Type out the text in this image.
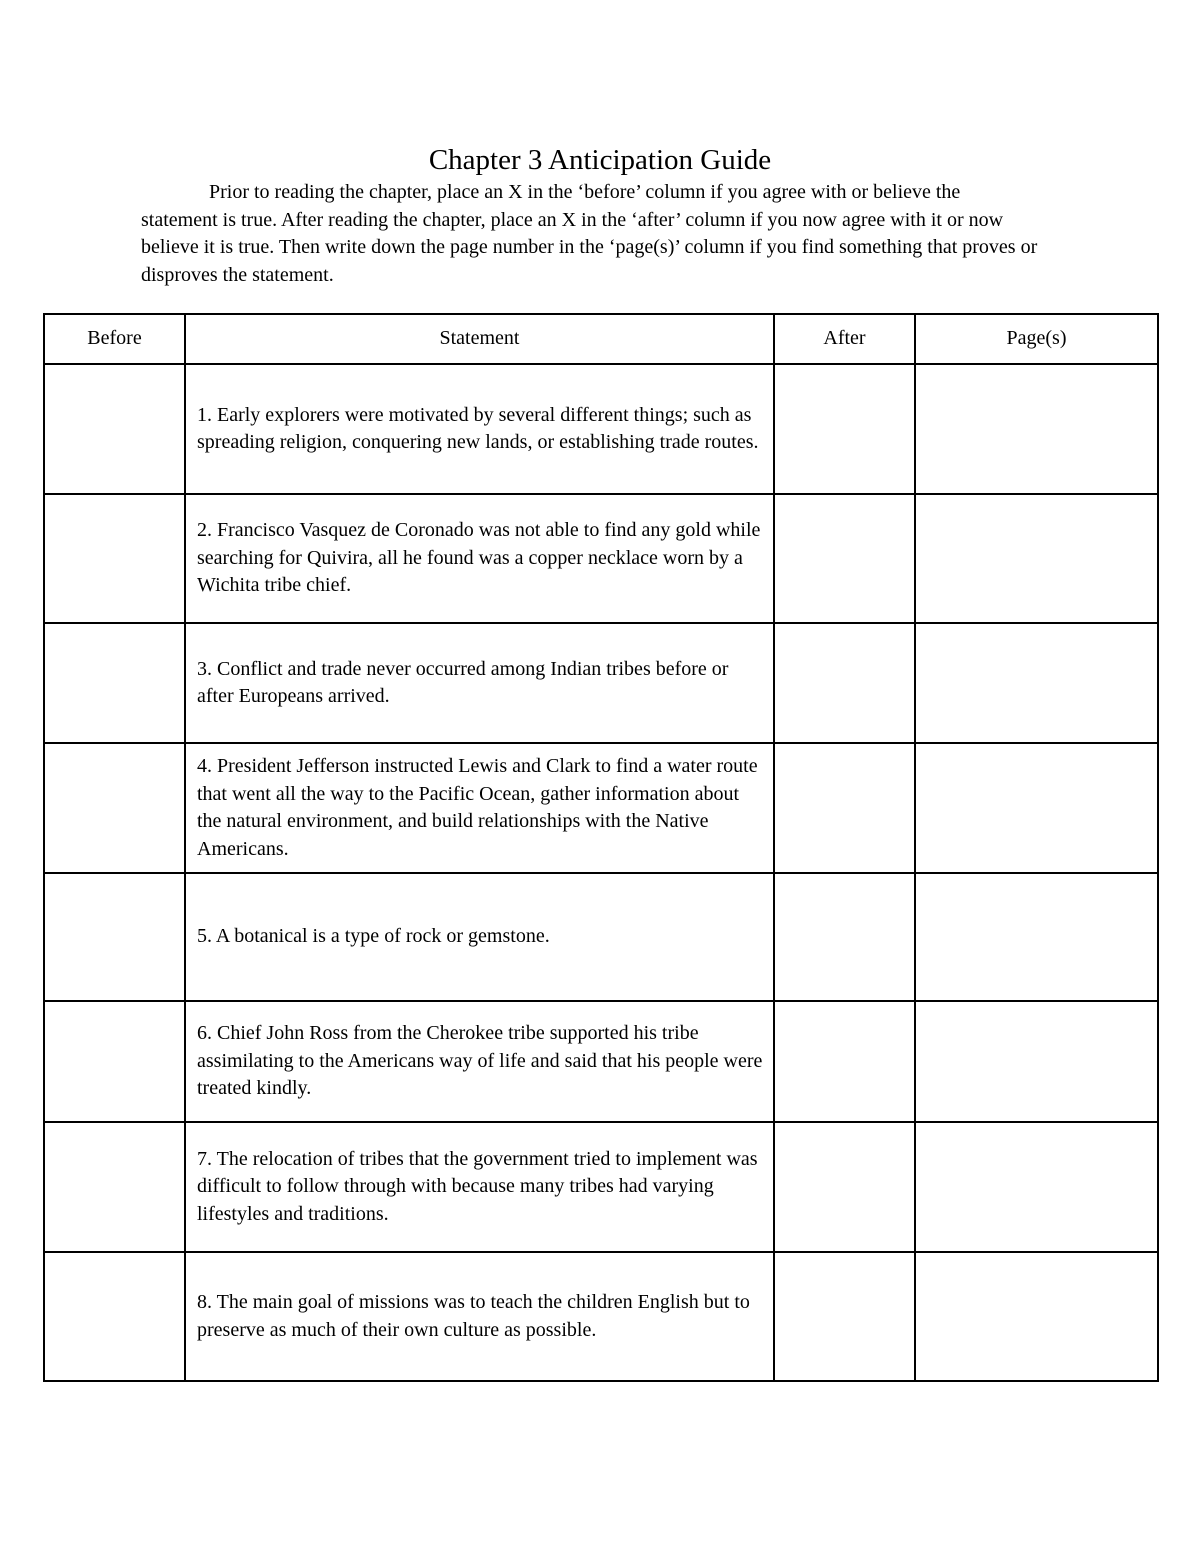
Chapter 3 Anticipation Guide

Prior to reading the chapter, place an X in the ‘before’ column if you agree with or believe the statement is true. After reading the chapter, place an X in the ‘after’ column if you now agree with it or now believe it is true. Then write down the page number in the ‘page(s)’ column if you find something that proves or disproves the statement.

Before	Statement	After	Page(s)
	1. Early explorers were motivated by several different things; such as spreading religion, conquering new lands, or establishing trade routes.		
	2. Francisco Vasquez de Coronado was not able to find any gold while searching for Quivira, all he found was a copper necklace worn by a Wichita tribe chief.		
	3. Conflict and trade never occurred among Indian tribes before or after Europeans arrived.		
	4. President Jefferson instructed Lewis and Clark to find a water route that went all the way to the Pacific Ocean, gather information about the natural environment, and build relationships with the Native Americans.		
	5. A botanical is a type of rock or gemstone.		
	6. Chief John Ross from the Cherokee tribe supported his tribe assimilating to the Americans way of life and said that his people were treated kindly.		
	7. The relocation of tribes that the government tried to implement was difficult to follow through with because many tribes had varying lifestyles and traditions.		
	8. The main goal of missions was to teach the children English but to preserve as much of their own culture as possible.		
